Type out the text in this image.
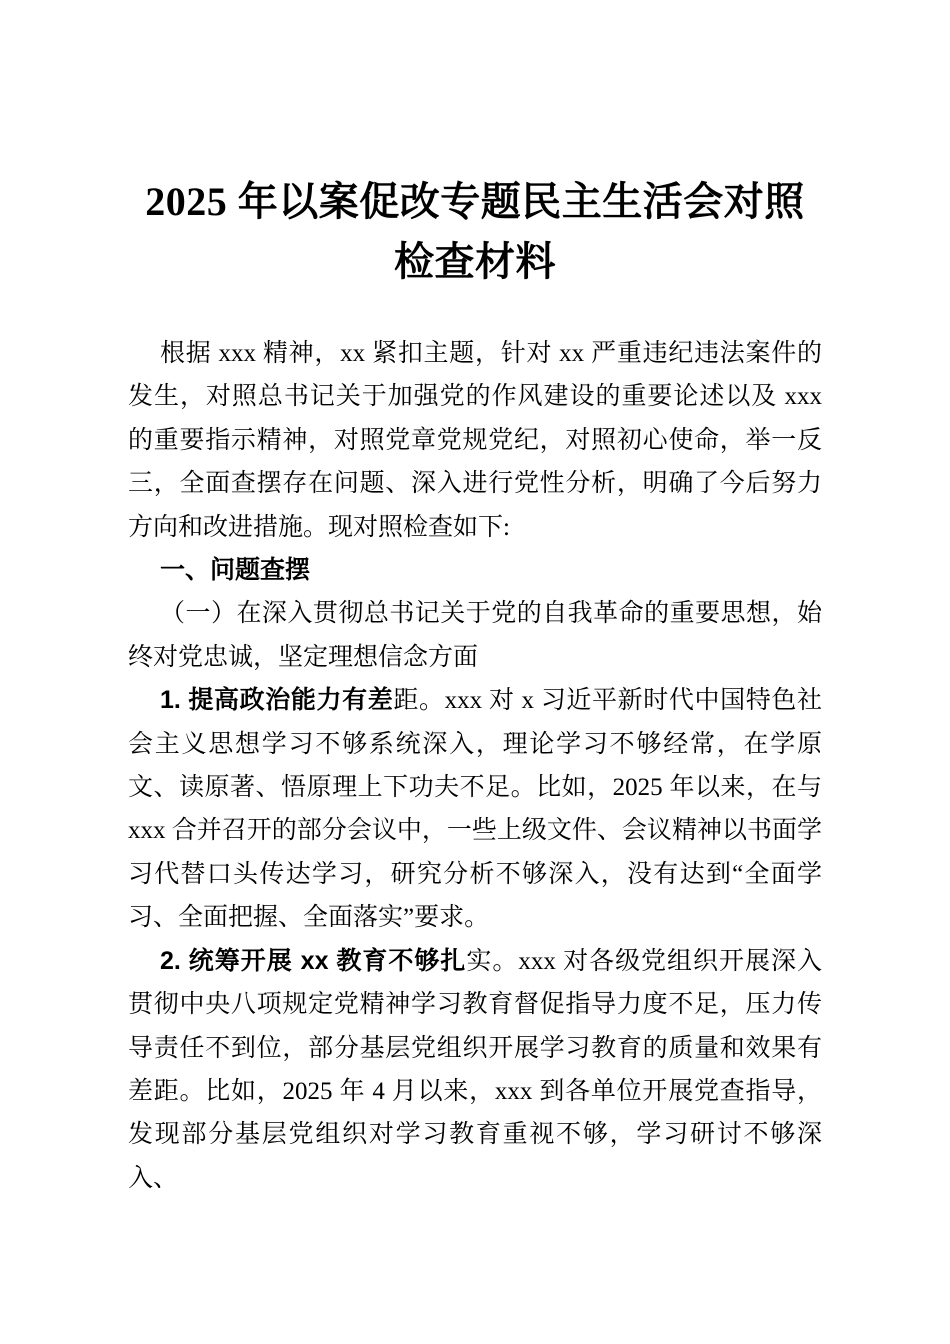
2025 年以案促改专题民主生活会对照
检查材料

根据 xxx 精神，xx 紧扣主题，针对 xx 严重违纪违法案件的发生，对照总书记关于加强党的作风建设的重要论述以及 xxx 的重要指示精神，对照党章党规党纪，对照初心使命，举一反三，全面查摆存在问题、深入进行党性分析，明确了今后努力方向和改进措施。现对照检查如下:

一、问题查摆

（一）在深入贯彻总书记关于党的自我革命的重要思想，始终对党忠诚，坚定理想信念方面

1. 提高政治能力有差距。xxx 对 x 习近平新时代中国特色社会主义思想学习不够系统深入，理论学习不够经常，在学原文、读原著、悟原理上下功夫不足。比如，2025 年以来，在与 xxx 合并召开的部分会议中，一些上级文件、会议精神以书面学习代替口头传达学习，研究分析不够深入，没有达到“全面学习、全面把握、全面落实”要求。

2. 统筹开展 xx 教育不够扎实。xxx 对各级党组织开展深入贯彻中央八项规定党精神学习教育督促指导力度不足，压力传导责任不到位，部分基层党组织开展学习教育的质量和效果有差距。比如，2025 年 4 月以来，xxx 到各单位开展党查指导，发现部分基层党组织对学习教育重视不够，学习研讨不够深入、
